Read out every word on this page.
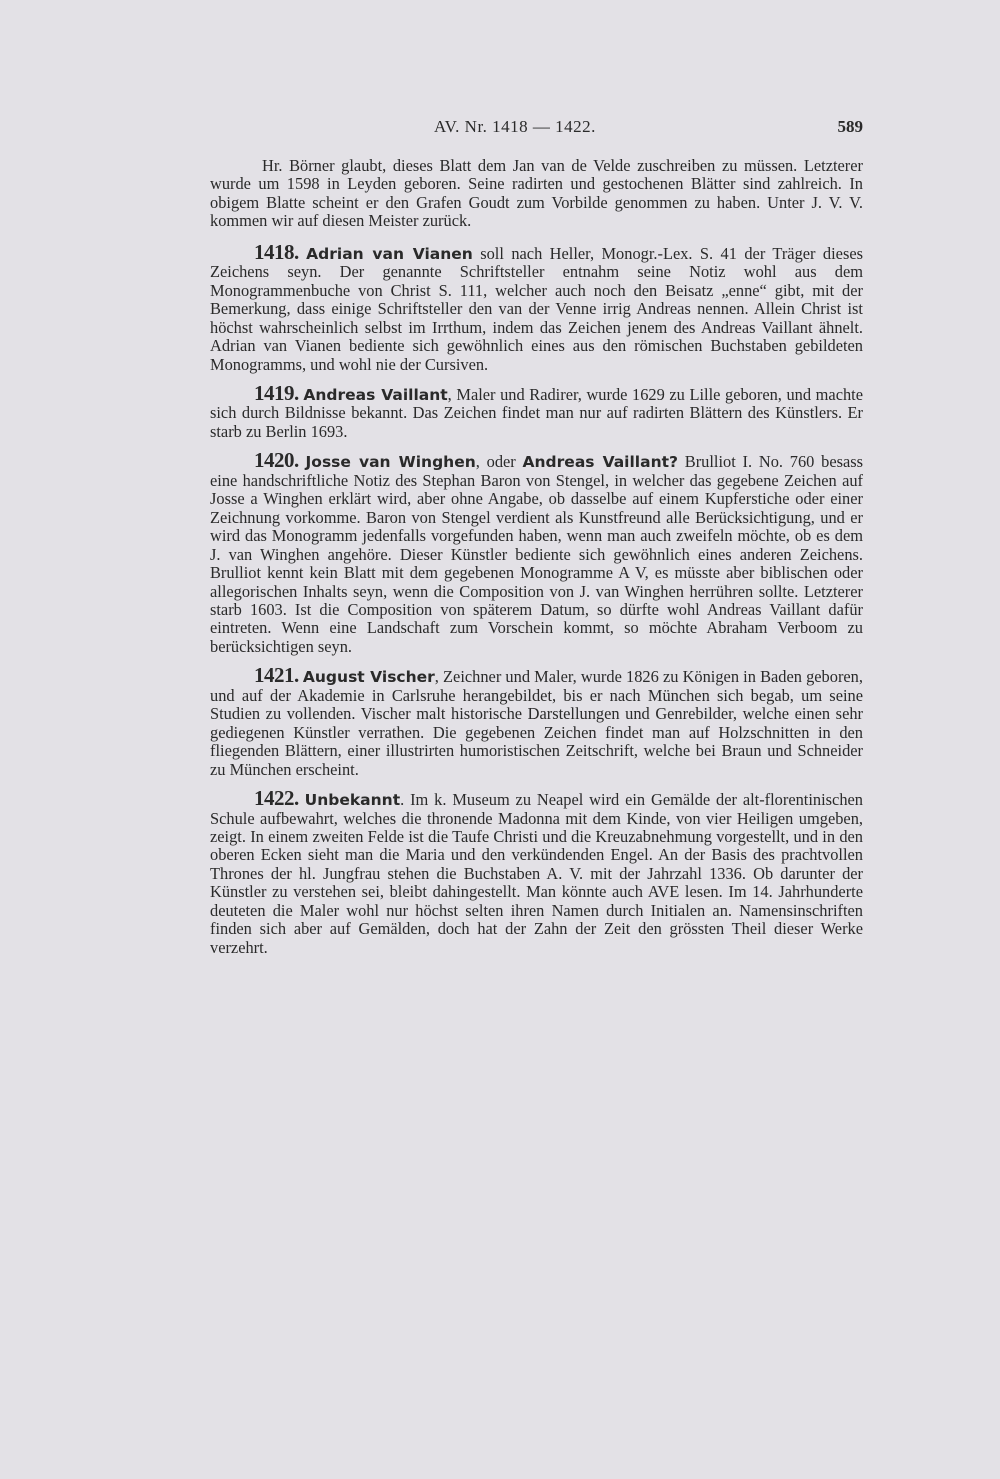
AV. Nr. 1418 — 1422.	589

Hr. Börner glaubt, dieses Blatt dem Jan van de Velde zuschreiben zu müssen. Letzterer wurde um 1598 in Leyden geboren. Seine radirten und gestochenen Blätter sind zahlreich. In obigem Blatte scheint er den Grafen Goudt zum Vorbilde genommen zu haben. Unter J. V. V. kommen wir auf diesen Meister zurück.

1418. Adrian van Vianen soll nach Heller, Monogr.-Lex. S. 41 der Träger dieses Zeichens seyn. Der genannte Schriftsteller entnahm seine Notiz wohl aus dem Monogrammenbuche von Christ S. 111, welcher auch noch den Beisatz „enne“ gibt, mit der Bemerkung, dass einige Schriftsteller den van der Venne irrig Andreas nennen. Allein Christ ist höchst wahrscheinlich selbst im Irrthum, indem das Zeichen jenem des Andreas Vaillant ähnelt. Adrian van Vianen bediente sich gewöhnlich eines aus den römischen Buchstaben gebildeten Monogramms, und wohl nie der Cursiven.

1419. Andreas Vaillant, Maler und Radirer, wurde 1629 zu Lille geboren, und machte sich durch Bildnisse bekannt. Das Zeichen findet man nur auf radirten Blättern des Künstlers. Er starb zu Berlin 1693.

1420. Josse van Winghen, oder Andreas Vaillant? Brulliot I. No. 760 besass eine handschriftliche Notiz des Stephan Baron von Stengel, in welcher das gegebene Zeichen auf Josse a Winghen erklärt wird, aber ohne Angabe, ob dasselbe auf einem Kupferstiche oder einer Zeichnung vorkomme. Baron von Stengel verdient als Kunstfreund alle Berücksichtigung, und er wird das Monogramm jedenfalls vorgefunden haben, wenn man auch zweifeln möchte, ob es dem J. van Winghen angehöre. Dieser Künstler bediente sich gewöhnlich eines anderen Zeichens. Brulliot kennt kein Blatt mit dem gegebenen Monogramme A V, es müsste aber biblischen oder allegorischen Inhalts seyn, wenn die Composition von J. van Winghen herrühren sollte. Letzterer starb 1603. Ist die Composition von späterem Datum, so dürfte wohl Andreas Vaillant dafür eintreten. Wenn eine Landschaft zum Vorschein kommt, so möchte Abraham Verboom zu berücksichtigen seyn.

1421. August Vischer, Zeichner und Maler, wurde 1826 zu Königen in Baden geboren, und auf der Akademie in Carlsruhe herangebildet, bis er nach München sich begab, um seine Studien zu vollenden. Vischer malt historische Darstellungen und Genrebilder, welche einen sehr gediegenen Künstler verrathen. Die gegebenen Zeichen findet man auf Holzschnitten in den fliegenden Blättern, einer illustrirten humoristischen Zeitschrift, welche bei Braun und Schneider zu München erscheint.

1422. Unbekannt. Im k. Museum zu Neapel wird ein Gemälde der alt-florentinischen Schule aufbewahrt, welches die thronende Madonna mit dem Kinde, von vier Heiligen umgeben, zeigt. In einem zweiten Felde ist die Taufe Christi und die Kreuzabnehmung vorgestellt, und in den oberen Ecken sieht man die Maria und den verkündenden Engel. An der Basis des prachtvollen Thrones der hl. Jungfrau stehen die Buchstaben A. V. mit der Jahrzahl 1336. Ob darunter der Künstler zu verstehen sei, bleibt dahingestellt. Man könnte auch AVE lesen. Im 14. Jahrhunderte deuteten die Maler wohl nur höchst selten ihren Namen durch Initialen an. Namensinschriften finden sich aber auf Gemälden, doch hat der Zahn der Zeit den grössten Theil dieser Werke verzehrt.
